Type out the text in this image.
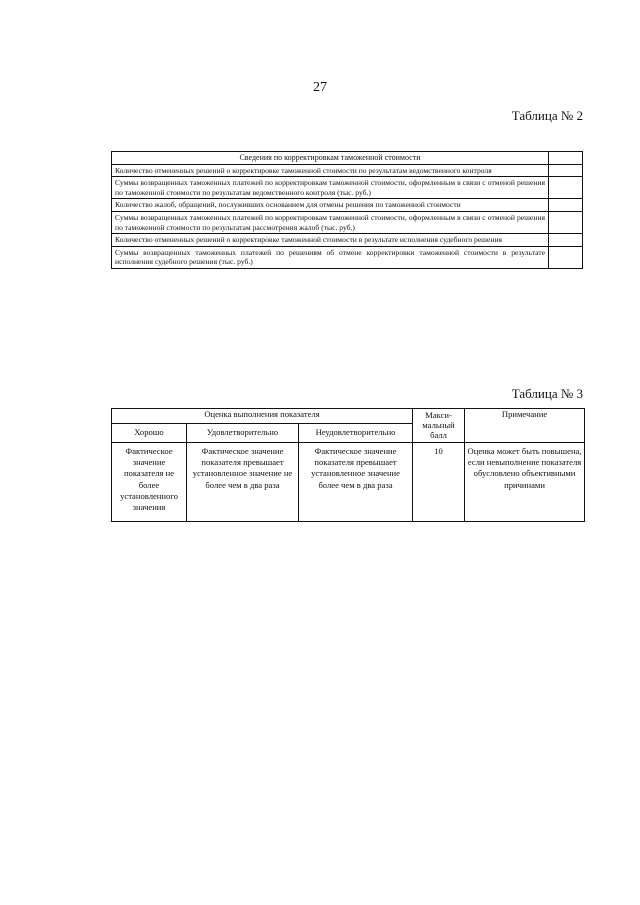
27
Таблица № 2
Сведения по корректировкам таможенной стоимости	
Количество отмененных решений о корректировке таможенной стоимости по результатам ведомственного контроля	
Суммы возвращенных таможенных платежей по корректировкам таможенной стоимости, оформленным в связи с отменой решения по таможенной стоимости по результатам ведомственного контроля (тыс. руб.)	
Количество жалоб, обращений, послуживших основанием для отмены решения по таможенной стоимости	
Суммы возвращенных таможенных платежей по корректировкам таможенной стоимости, оформленным в связи с отменой решения по таможенной стоимости по результатам рассмотрения жалоб (тыс. руб.)	
Количество отмененных решений о корректировке таможенной стоимости в результате исполнения судебного решения	
Суммы возвращенных таможенных платежей по решениям об отмене корректировки таможенной стоимости в результате исполнения судебного решения (тыс. руб.)	
Таблица № 3
Оценка выполнения показателя			Макси-мальный балл	Примечание
Хорошо	Удовлетворительно	Неудовлетворительно		
Фактическое значение показателя не более установленного значения	Фактическое значение показателя превышает установленное значение не более чем в два раза	Фактическое значение показателя превышает установленное значение более чем в два раза	10	Оценка может быть повышена, если невыполнение показателя обусловлено объективными причинами
